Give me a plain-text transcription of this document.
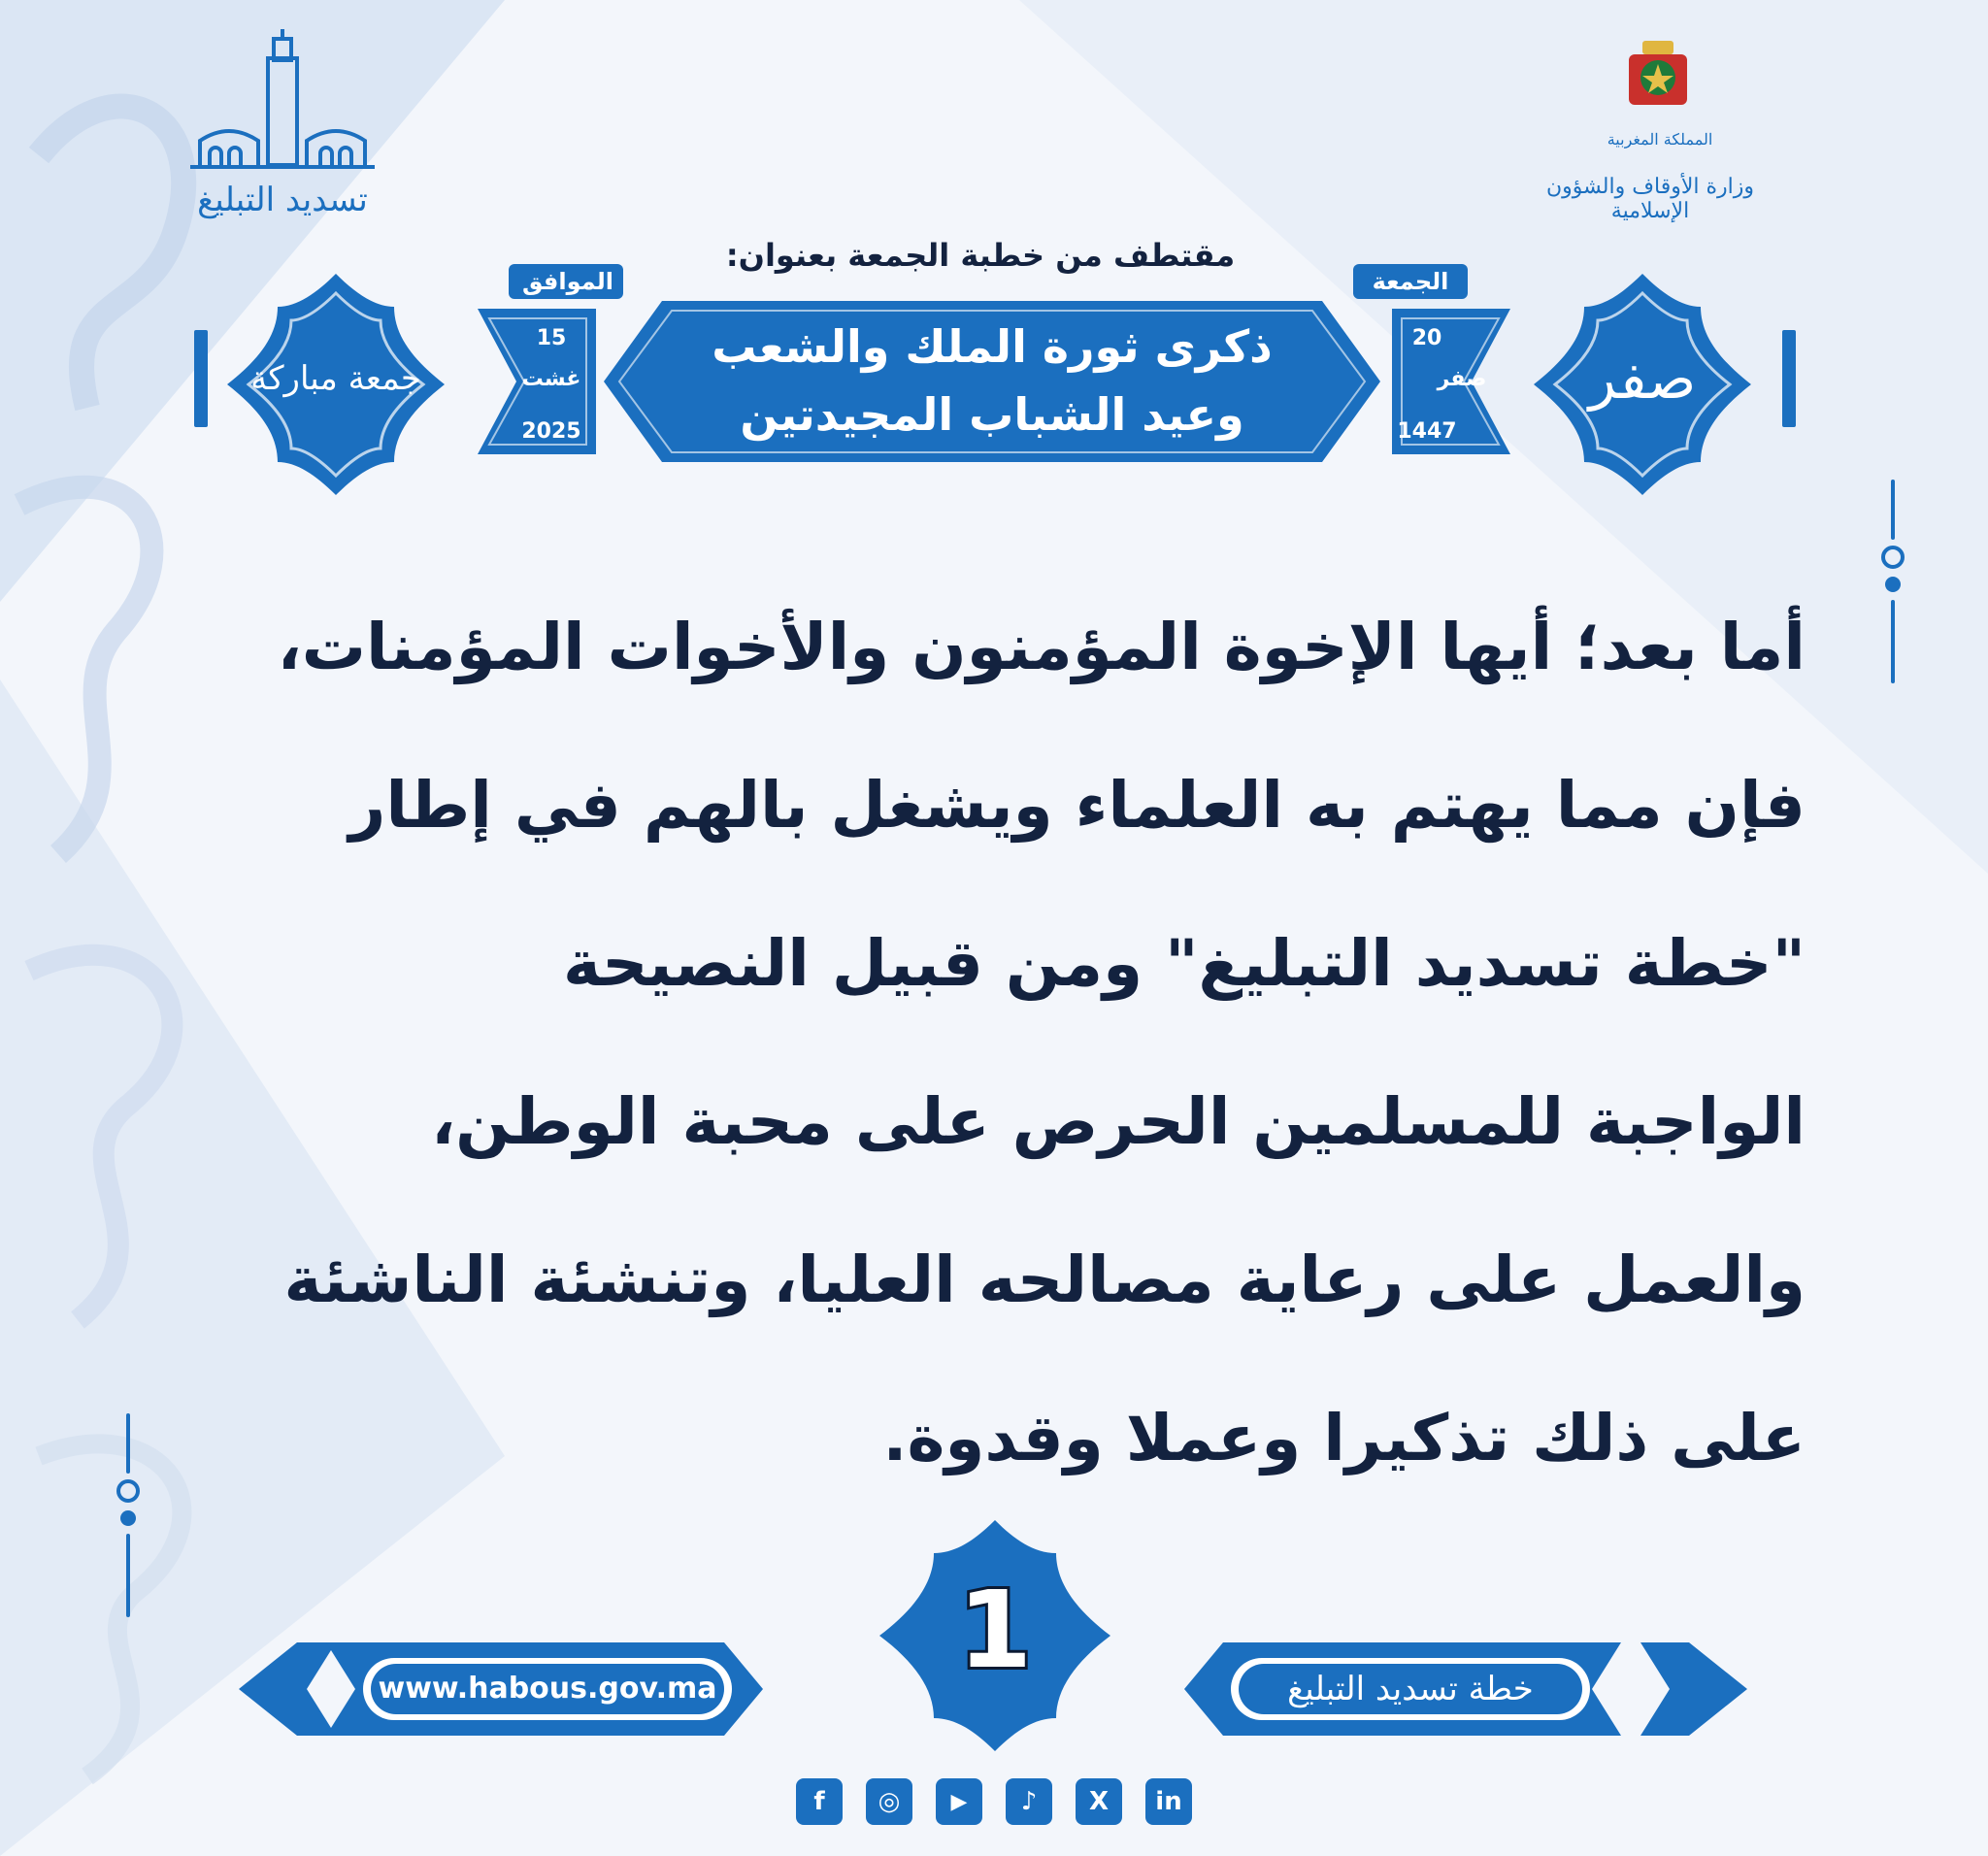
المملكة المغربية
وزارة الأوقاف والشؤون الإسلامية
تسديد التبليغ
مقتطف من خطبة الجمعة بعنوان:
جمعة مباركة	صفر
الموافق
15
غشت
2025
الجمعة
20
صفر
1447
ذكرى ثورة الملك والشعب
وعيد الشباب المجيدتين
أما بعد؛ أيها الإخوة المؤمنون والأخوات المؤمنات،
فإن مما يهتم به العلماء ويشغل بالهم في إطار
"خطة تسديد التبليغ" ومن قبيل النصيحة
الواجبة للمسلمين الحرص على محبة الوطن،
والعمل على رعاية مصالحه العليا، وتنشئة الناشئة
على ذلك تذكيرا وعملا وقدوة.
www.habous.gov.ma	خطة تسديد التبليغ
1
f	◎	▶	♪	X	in
